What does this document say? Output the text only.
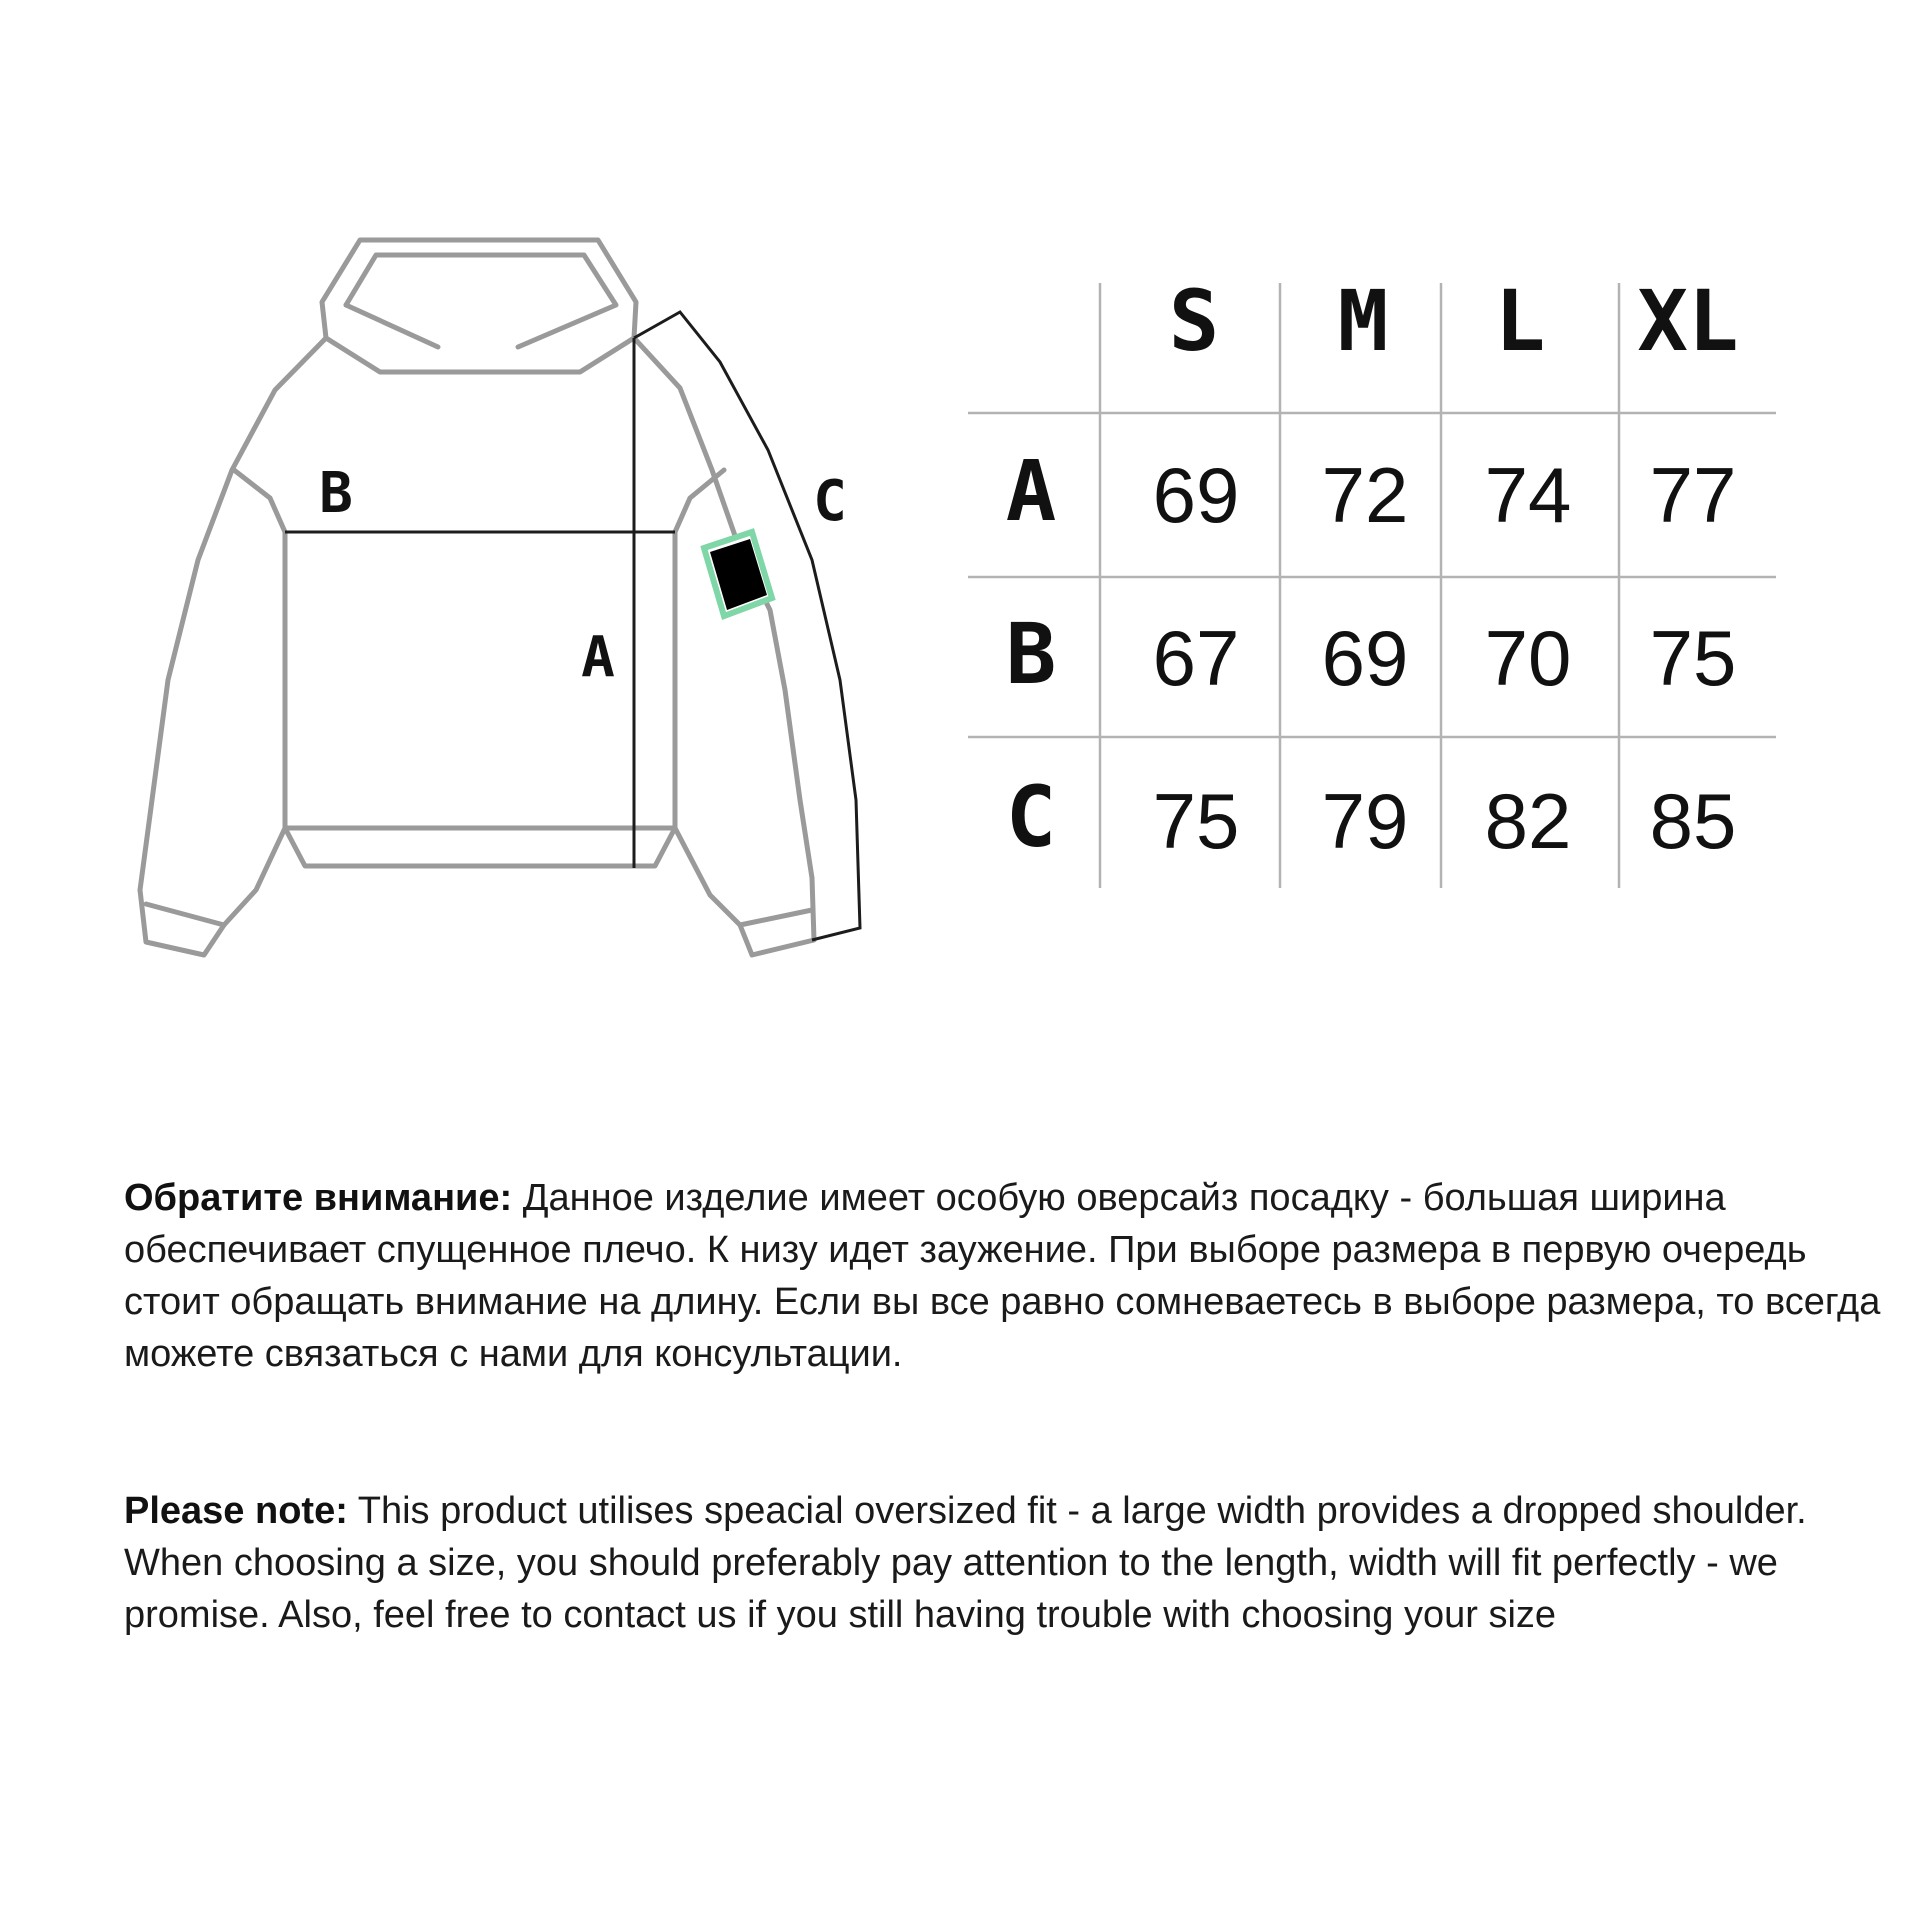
B
A
C
S M L XL
A
B
C
69 72 74 77
67 69 70 75
75 79 82 85

Обратите внимание: Данное изделие имеет особую оверсайз посадку - большая ширина обеспечивает спущенное плечо. К низу идет заужение. При выборе размера в первую очередь стоит обращать внимание на длину. Если вы все равно сомневаетесь в выборе размера, то всегда можете связаться с нами для консультации.

Please note: This product utilises speacial oversized fit - a large width provides a dropped shoulder. When choosing a size, you should preferably pay attention to the length, width will fit perfectly - we promise. Also, feel free to contact us if you still having trouble with choosing your size
